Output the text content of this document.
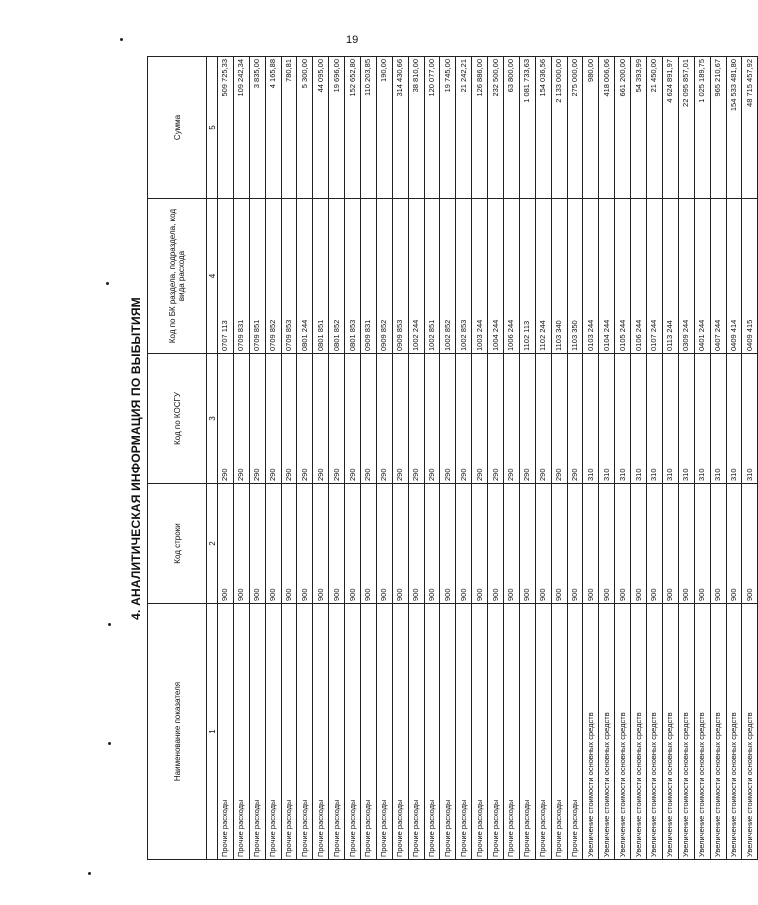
19
4. АНАЛИТИЧЕСКАЯ ИНФОРМАЦИЯ ПО ВЫБЫТИЯМ
Наименование показателя	Код строки	Код по КОСГУ	Код по БК раздела, подраздела, код вида расхода	Сумма
1	2	3	4	5
Прочие расходы	900	290	0707 113	509 725,33
Прочие расходы	900	290	0709 831	109 242,34
Прочие расходы	900	290	0709 851	3 835,00
Прочие расходы	900	290	0709 852	4 165,88
Прочие расходы	900	290	0709 853	780,81
Прочие расходы	900	290	0801 244	5 300,00
Прочие расходы	900	290	0801 851	44 095,00
Прочие расходы	900	290	0801 852	19 696,00
Прочие расходы	900	290	0801 853	152 652,80
Прочие расходы	900	290	0909 831	110 203,85
Прочие расходы	900	290	0909 852	190,00
Прочие расходы	900	290	0909 853	314 430,66
Прочие расходы	900	290	1002 244	38 810,00
Прочие расходы	900	290	1002 851	120 077,00
Прочие расходы	900	290	1002 852	19 745,00
Прочие расходы	900	290	1002 853	21 242,21
Прочие расходы	900	290	1003 244	126 886,00
Прочие расходы	900	290	1004 244	232 500,00
Прочие расходы	900	290	1006 244	63 800,00
Прочие расходы	900	290	1102 113	1 081 733,63
Прочие расходы	900	290	1102 244	154 036,56
Прочие расходы	900	290	1103 340	2 133 000,00
Прочие расходы	900	290	1103 350	275 000,00
Увеличение стоимости основных средств	900	310	0103 244	980,00
Увеличение стоимости основных средств	900	310	0104 244	418 006,06
Увеличение стоимости основных средств	900	310	0105 244	661 200,00
Увеличение стоимости основных средств	900	310	0106 244	54 393,99
Увеличение стоимости основных средств	900	310	0107 244	21 450,00
Увеличение стоимости основных средств	900	310	0113 244	4 624 891,97
Увеличение стоимости основных средств	900	310	0309 244	22 095 857,01
Увеличение стоимости основных средств	900	310	0401 244	1 025 189,75
Увеличение стоимости основных средств	900	310	0407 244	965 210,67
Увеличение стоимости основных средств	900	310	0409 414	154 533 481,80
Увеличение стоимости основных средств	900	310	0409 415	48 715 457,92
